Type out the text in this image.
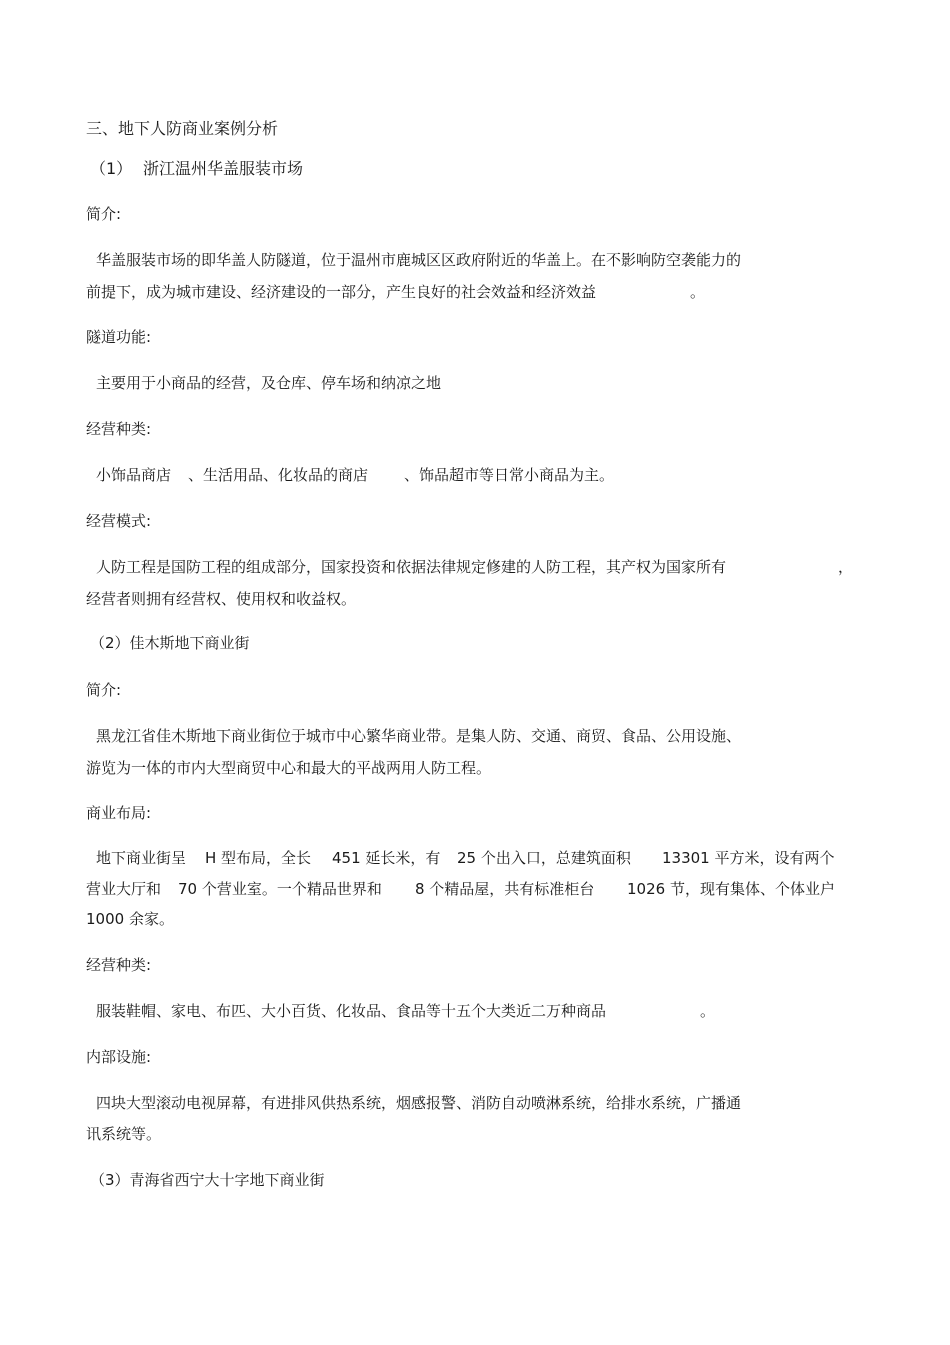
三、地下人防商业案例分析
（1） 浙江温州华盖服装市场
简介:
华盖服装市场的即华盖人防隧道，位于温州市鹿城区区政府附近的华盖上。在不影响防空袭能力的
前提下，成为城市建设、经济建设的一部分，产生良好的社会效益和经济效益	。
隧道功能:
主要用于小商品的经营，及仓库、停车场和纳凉之地
经营种类:
小饰品商店 、生活用品、化妆品的商店 、饰品超市等日常小商品为主。
经营模式:
人防工程是国防工程的组成部分，国家投资和依据法律规定修建的人防工程，其产权为国家所有	，
经营者则拥有经营权、使用权和收益权。
（2）佳木斯地下商业街
简介:
黑龙江省佳木斯地下商业街位于城市中心繁华商业带。是集人防、交通、商贸、食品、公用设施、
游览为一体的市内大型商贸中心和最大的平战两用人防工程。
商业布局:
地下商业街呈 H 型布局，全长 451 延长米，有 25 个出入口，总建筑面积 13301 平方米，设有两个
营业大厅和 70 个营业室。一个精品世界和 8 个精品屋，共有标准柜台 1026 节，现有集体、个体业户
1000 余家。
经营种类:
服装鞋帽、家电、布匹、大小百货、化妆品、食品等十五个大类近二万种商品	。
内部设施:
四块大型滚动电视屏幕，有进排风供热系统，烟感报警、消防自动喷淋系统，给排水系统，广播通
讯系统等。
（3）青海省西宁大十字地下商业街
